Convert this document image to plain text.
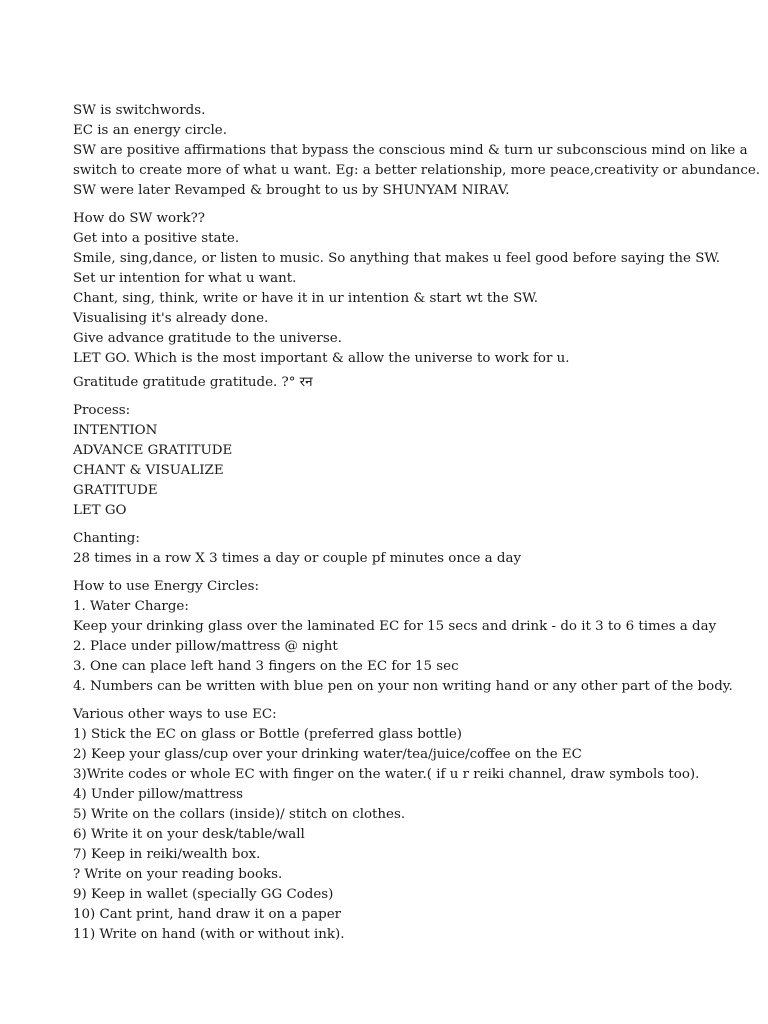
SW is switchwords.
EC is an energy circle.
SW are positive affirmations that bypass the conscious mind & turn ur subconscious mind on like a
switch to create more of what u want. Eg: a better relationship, more peace,creativity or abundance.
SW were later Revamped & brought to us by SHUNYAM NIRAV.
How do SW work??
Get into a positive state.
Smile, sing,dance, or listen to music. So anything that makes u feel good before saying the SW.
Set ur intention for what u want.
Chant, sing, think, write or have it in ur intention & start wt the SW.
Visualising it's already done.
Give advance gratitude to the universe.
LET GO. Which is the most important & allow the universe to work for u.
Gratitude gratitude gratitude. ?° रन
Process:
INTENTION
ADVANCE GRATITUDE
CHANT & VISUALIZE
GRATITUDE
LET GO
Chanting:
28 times in a row X 3 times a day or couple pf minutes once a day
How to use Energy Circles:
1. Water Charge:
Keep your drinking glass over the laminated EC for 15 secs and drink - do it 3 to 6 times a day
2. Place under pillow/mattress @ night
3. One can place left hand 3 fingers on the EC for 15 sec
4. Numbers can be written with blue pen on your non writing hand or any other part of the body.
Various other ways to use EC:
1) Stick the EC on glass or Bottle (preferred glass bottle)
2) Keep your glass/cup over your drinking water/tea/juice/coffee on the EC
3)Write codes or whole EC with finger on the water.( if u r reiki channel, draw symbols too).
4) Under pillow/mattress
5) Write on the collars (inside)/ stitch on clothes.
6) Write it on your desk/table/wall
7) Keep in reiki/wealth box.
? Write on your reading books.
9) Keep in wallet (specially GG Codes)
10) Cant print, hand draw it on a paper
11) Write on hand (with or without ink).
